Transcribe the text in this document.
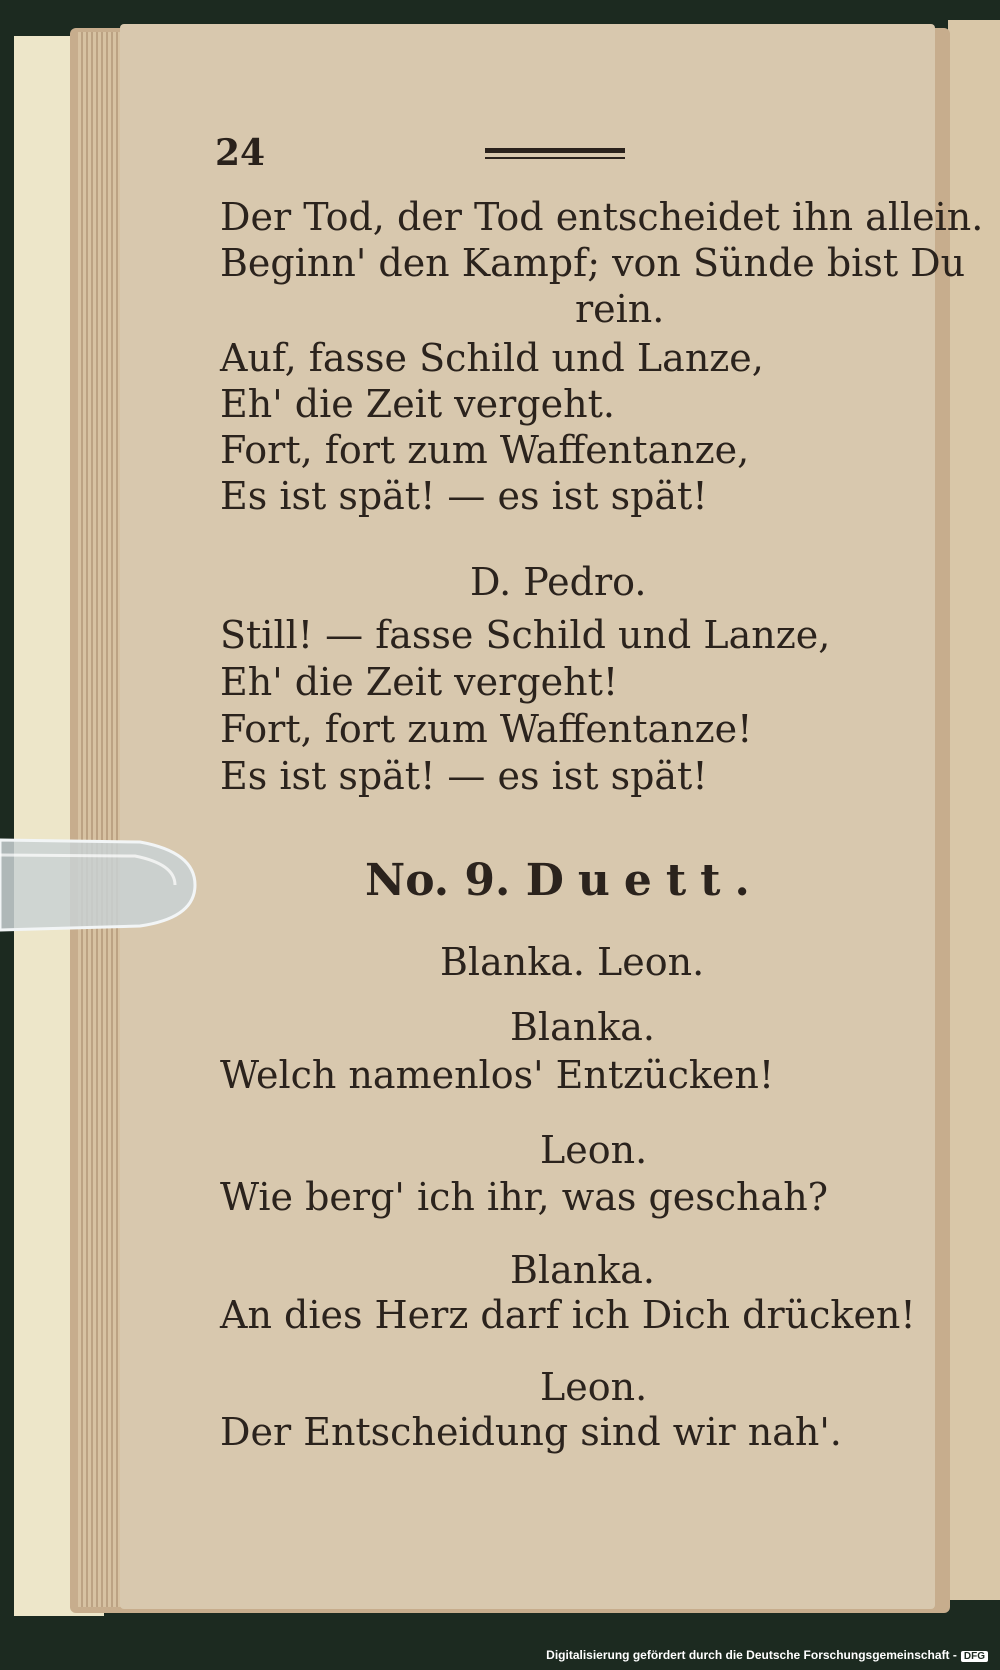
24
Der Tod, der Tod entscheidet ihn allein.
Beginn' den Kampf; von Sünde bist Du
rein.
Auf, fasse Schild und Lanze,
Eh' die Zeit vergeht.
Fort, fort zum Waffentanze,
Es ist spät! — es ist spät!
D. Pedro.
Still! — fasse Schild und Lanze,
Eh' die Zeit vergeht!
Fort, fort zum Waffentanze!
Es ist spät! — es ist spät!
No. 9. Duett.
Blanka. Leon.
Blanka.
Welch namenlos' Entzücken!
Leon.
Wie berg' ich ihr, was geschah?
Blanka.
An dies Herz darf ich Dich drücken!
Leon.
Der Entscheidung sind wir nah'.
Digitalisierung gefördert durch die Deutsche Forschungsgemeinschaft - DFG
